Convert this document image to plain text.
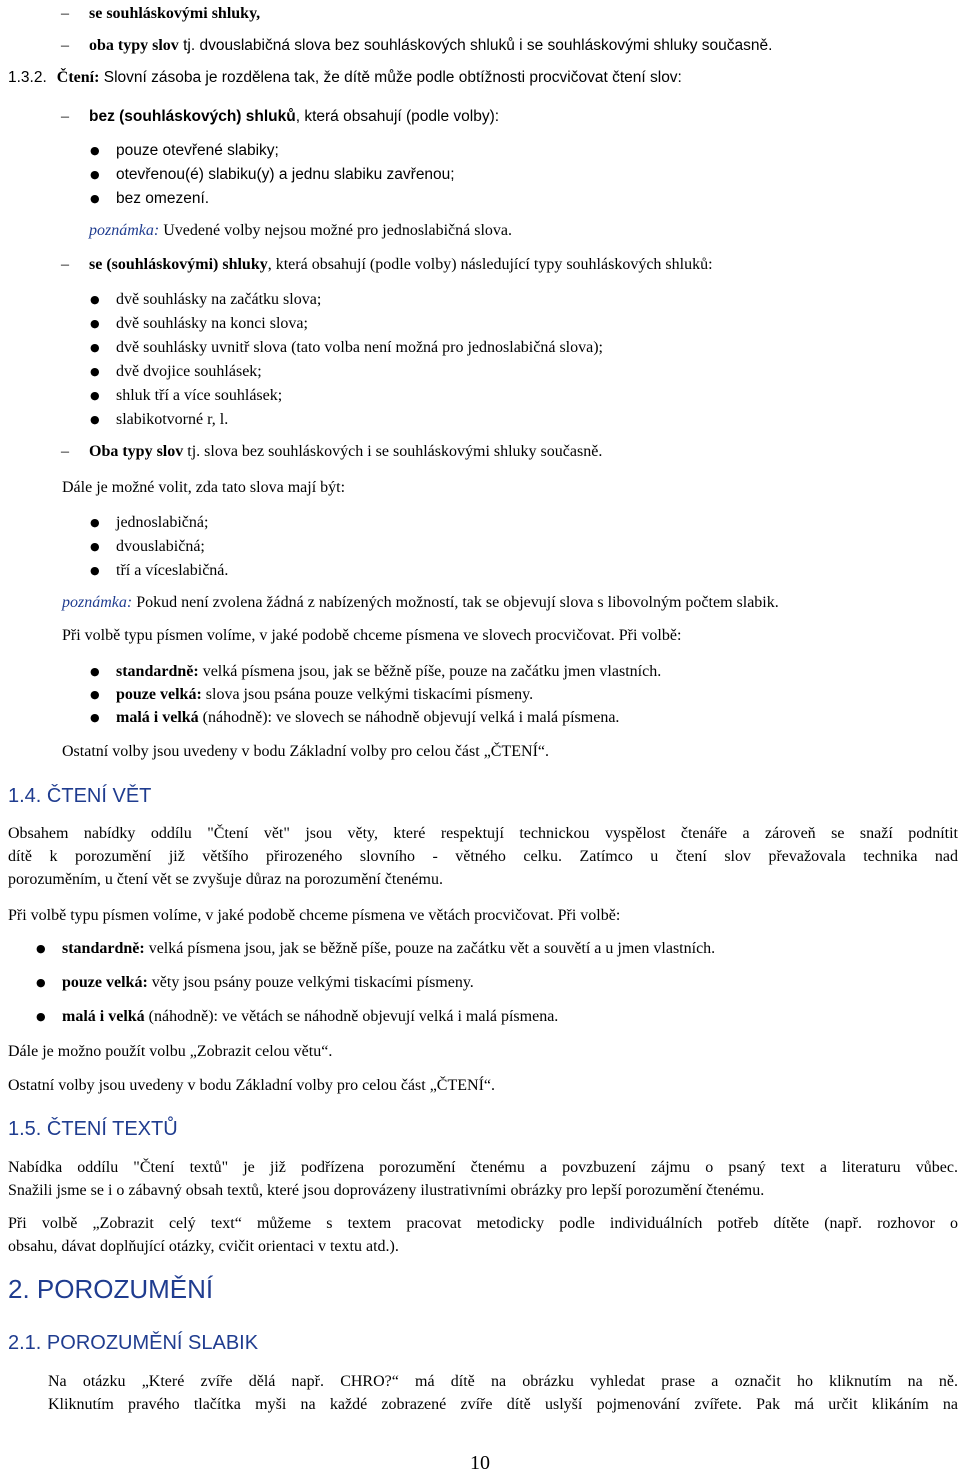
– se souhláskovými shluky,
– oba typy slov tj. dvouslabičná slova bez souhláskových shluků i se souhláskovými shluky současně.
1.3.2. Čtení: Slovní zásoba je rozdělena tak, že dítě může podle obtížnosti procvičovat čtení slov:
– bez (souhláskových) shluků, která obsahují (podle volby):
● pouze otevřené slabiky;
● otevřenou(é) slabiku(y) a jednu slabiku zavřenou;
● bez omezení.
poznámka: Uvedené volby nejsou možné pro jednoslabičná slova.
– se (souhláskovými) shluky, která obsahují (podle volby) následující typy souhláskových shluků:
● dvě souhlásky na začátku slova;
● dvě souhlásky na konci slova;
● dvě souhlásky uvnitř slova (tato volba není možná pro jednoslabičná slova);
● dvě dvojice souhlásek;
● shluk tří a více souhlásek;
● slabikotvorné r, l.
– Oba typy slov tj. slova bez souhláskových i se souhláskovými shluky současně.
Dále je možné volit, zda tato slova mají být:
● jednoslabičná;
● dvouslabičná;
● tří a víceslabičná.
poznámka: Pokud není zvolena žádná z nabízených možností, tak se objevují slova s libovolným počtem slabik.
Při volbě typu písmen volíme, v jaké podobě chceme písmena ve slovech procvičovat. Při volbě:
● standardně: velká písmena jsou, jak se běžně píše, pouze na začátku jmen vlastních.
● pouze velká: slova jsou psána pouze velkými tiskacími písmeny.
● malá i velká (náhodně): ve slovech se náhodně objevují velká i malá písmena.
Ostatní volby jsou uvedeny v bodu Základní volby pro celou část „ČTENÍ“.
1.4. ČTENÍ VĚT
Obsahem nabídky oddílu "Čtení vět" jsou věty, které respektují technickou vyspělost čtenáře a zároveň se snaží podnítit
dítě k porozumění již většího přirozeného slovního - větného celku. Zatímco u čtení slov převažovala technika nad
porozuměním, u čtení vět se zvyšuje důraz na porozumění čtenému.
Při volbě typu písmen volíme, v jaké podobě chceme písmena ve větách procvičovat. Při volbě:
● standardně: velká písmena jsou, jak se běžně píše, pouze na začátku vět a souvětí a u jmen vlastních.
● pouze velká: věty jsou psány pouze velkými tiskacími písmeny.
● malá i velká (náhodně): ve větách se náhodně objevují velká i malá písmena.
Dále je možno použít volbu „Zobrazit celou větu“.
Ostatní volby jsou uvedeny v bodu Základní volby pro celou část „ČTENÍ“.
1.5. ČTENÍ TEXTŮ
Nabídka oddílu "Čtení textů" je již podřízena porozumění čtenému a povzbuzení zájmu o psaný text a literaturu vůbec.
Snažili jsme se i o zábavný obsah textů, které jsou doprovázeny ilustrativními obrázky pro lepší porozumění čtenému.
Při volbě „Zobrazit celý text“ můžeme s textem pracovat metodicky podle individuálních potřeb dítěte (např. rozhovor o
obsahu, dávat doplňující otázky, cvičit orientaci v textu atd.).
2. POROZUMĚNÍ
2.1. POROZUMĚNÍ SLABIK
Na otázku „Které zvíře dělá např. CHRO?“ má dítě na obrázku vyhledat prase a označit ho kliknutím na ně.
Kliknutím pravého tlačítka myši na každé zobrazené zvíře dítě uslyší pojmenování zvířete. Pak má určit klikáním na
10
